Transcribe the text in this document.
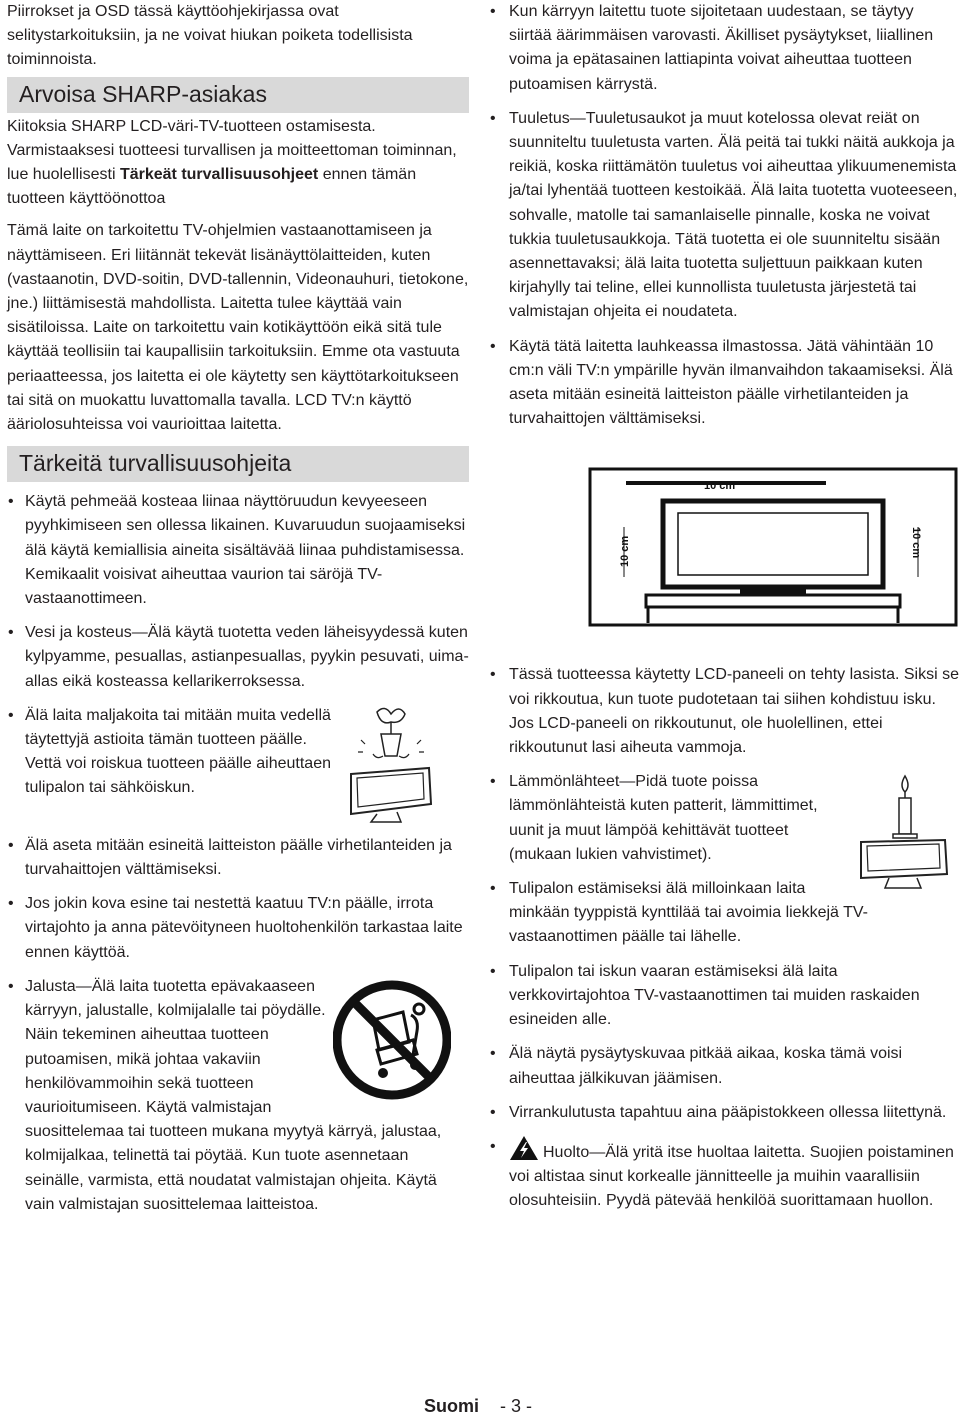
Piirrokset ja OSD tässä käyttöohjekirjassa ovat selitystarkoituksiin, ja ne voivat hiukan poiketa todellisista toiminnoista.

Arvoisa SHARP-asiakas

Kiitoksia SHARP LCD-väri-TV-tuotteen ostamisesta. Varmistaaksesi tuotteesi turvallisen ja moitteettoman toiminnan, lue huolellisesti Tärkeät turvallisuusohjeet ennen tämän tuotteen käyttöönottoa

Tämä laite on tarkoitettu TV-ohjelmien vastaanottamiseen ja näyttämiseen. Eri liitännät tekevät lisänäyttölaitteiden, kuten (vastaanotin, DVD-soitin, DVD-tallennin, Videonauhuri, tietokone, jne.) liittämisestä mahdollista. Laitetta tulee käyttää vain sisätiloissa. Laite on tarkoitettu vain kotikäyttöön eikä sitä tule käyttää teollisiin tai kaupallisiin tarkoituksiin. Emme ota vastuuta periaatteessa, jos laitetta ei ole käytetty sen käyttötarkoitukseen tai sitä on muokattu luvattomalla tavalla. LCD TV:n käyttö ääriolosuhteissa voi vaurioittaa laitetta.

Tärkeitä turvallisuusohjeita
• Käytä pehmeää kosteaa liinaa näyttöruudun kevyeeseen pyyhkimiseen sen ollessa likainen. Kuvaruudun suojaamiseksi älä käytä kemiallisia aineita sisältävää liinaa puhdistamisessa. Kemikaalit voisivat aiheuttaa vaurion tai säröjä TV-vastaanottimeen.
• Vesi ja kosteus—Älä käytä tuotetta veden läheisyydessä kuten kylpyamme, pesuallas, astianpesuallas, pyykin pesuvati, uima-allas eikä kosteassa kellarikerroksessa.
• Älä laita maljakoita tai mitään muita vedellä täytettyjä astioita tämän tuotteen päälle. Vettä voi roiskua tuotteen päälle aiheuttaen tulipalon tai sähköiskun.
• Älä aseta mitään esineitä laitteiston päälle virhetilanteiden ja turvahaittojen välttämiseksi.
• Jos jokin kova esine tai nestettä kaatuu TV:n päälle, irrota virtajohto ja anna pätevöityneen huoltohenkilön tarkastaa laite ennen käyttöä.
• Jalusta—Älä laita tuotetta epävakaaseen kärryyn, jalustalle, kolmijalalle tai pöydälle. Näin tekeminen aiheuttaa tuotteen putoamisen, mikä johtaa vakaviin henkilövammoihin sekä tuotteen vaurioitumiseen. Käytä valmistajan suosittelemaa tai tuotteen mukana myytyä kärryä, jalustaa, kolmijalkaa, telinettä tai pöytää. Kun tuote asennetaan seinälle, varmista, että noudatat valmistajan ohjeita. Käytä vain valmistajan suosittelemaa laitteistoa.
• Kun kärryyn laitettu tuote sijoitetaan uudestaan, se täytyy siirtää äärimmäisen varovasti. Äkilliset pysäytykset, liiallinen voima ja epätasainen lattiapinta voivat aiheuttaa tuotteen putoamisen kärrystä.
• Tuuletus—Tuuletusaukot ja muut kotelossa olevat reiät on suunniteltu tuuletusta varten. Älä peitä tai tukki näitä aukkoja ja reikiä, koska riittämätön tuuletus voi aiheuttaa ylikuumenemista ja/tai lyhentää tuotteen kestoikää. Älä laita tuotetta vuoteeseen, sohvalle, matolle tai samanlaiselle pinnalle, koska ne voivat tukkia tuuletusaukkoja. Tätä tuotetta ei ole suunniteltu sisään asennettavaksi; älä laita tuotetta suljettuun paikkaan kuten kirjahylly tai teline, ellei kunnollista tuuletusta järjestetä tai valmistajan ohjeita ei noudateta.
• Käytä tätä laitetta lauhkeassa ilmastossa. Jätä vähintään 10 cm:n väli TV:n ympärille hyvän ilmanvaihdon takaamiseksi. Älä aseta mitään esineitä laitteiston päälle virhetilanteiden ja turvahaittojen välttämiseksi.
10 cm
10 cm	10 cm
• Tässä tuotteessa käytetty LCD-paneeli on tehty lasista. Siksi se voi rikkoutua, kun tuote pudotetaan tai siihen kohdistuu isku. Jos LCD-paneeli on rikkoutunut, ole huolellinen, ettei rikkoutunut lasi aiheuta vammoja.
• Lämmönlähteet—Pidä tuote poissa lämmönlähteistä kuten patterit, lämmittimet, uunit ja muut lämpöä kehittävät tuotteet (mukaan lukien vahvistimet).
• Tulipalon estämiseksi älä milloinkaan laita minkään tyyppistä kynttilää tai avoimia liekkejä TV-vastaanottimen päälle tai lähelle.
• Tulipalon tai iskun vaaran estämiseksi älä laita verkkovirtajohtoa TV-vastaanottimen tai muiden raskaiden esineiden alle.
• Älä näytä pysäytyskuvaa pitkää aikaa, koska tämä voisi aiheuttaa jälkikuvan jäämisen.
• Virrankulutusta tapahtuu aina pääpistokkeen ollessa liitettynä.
• Huolto—Älä yritä itse huoltaa laitetta. Suojien poistaminen voi altistaa sinut korkealle jännitteelle ja muihin vaarallisiin olosuhteisiin. Pyydä pätevää henkilöä suorittamaan huollon.
Suomi - 3 -
